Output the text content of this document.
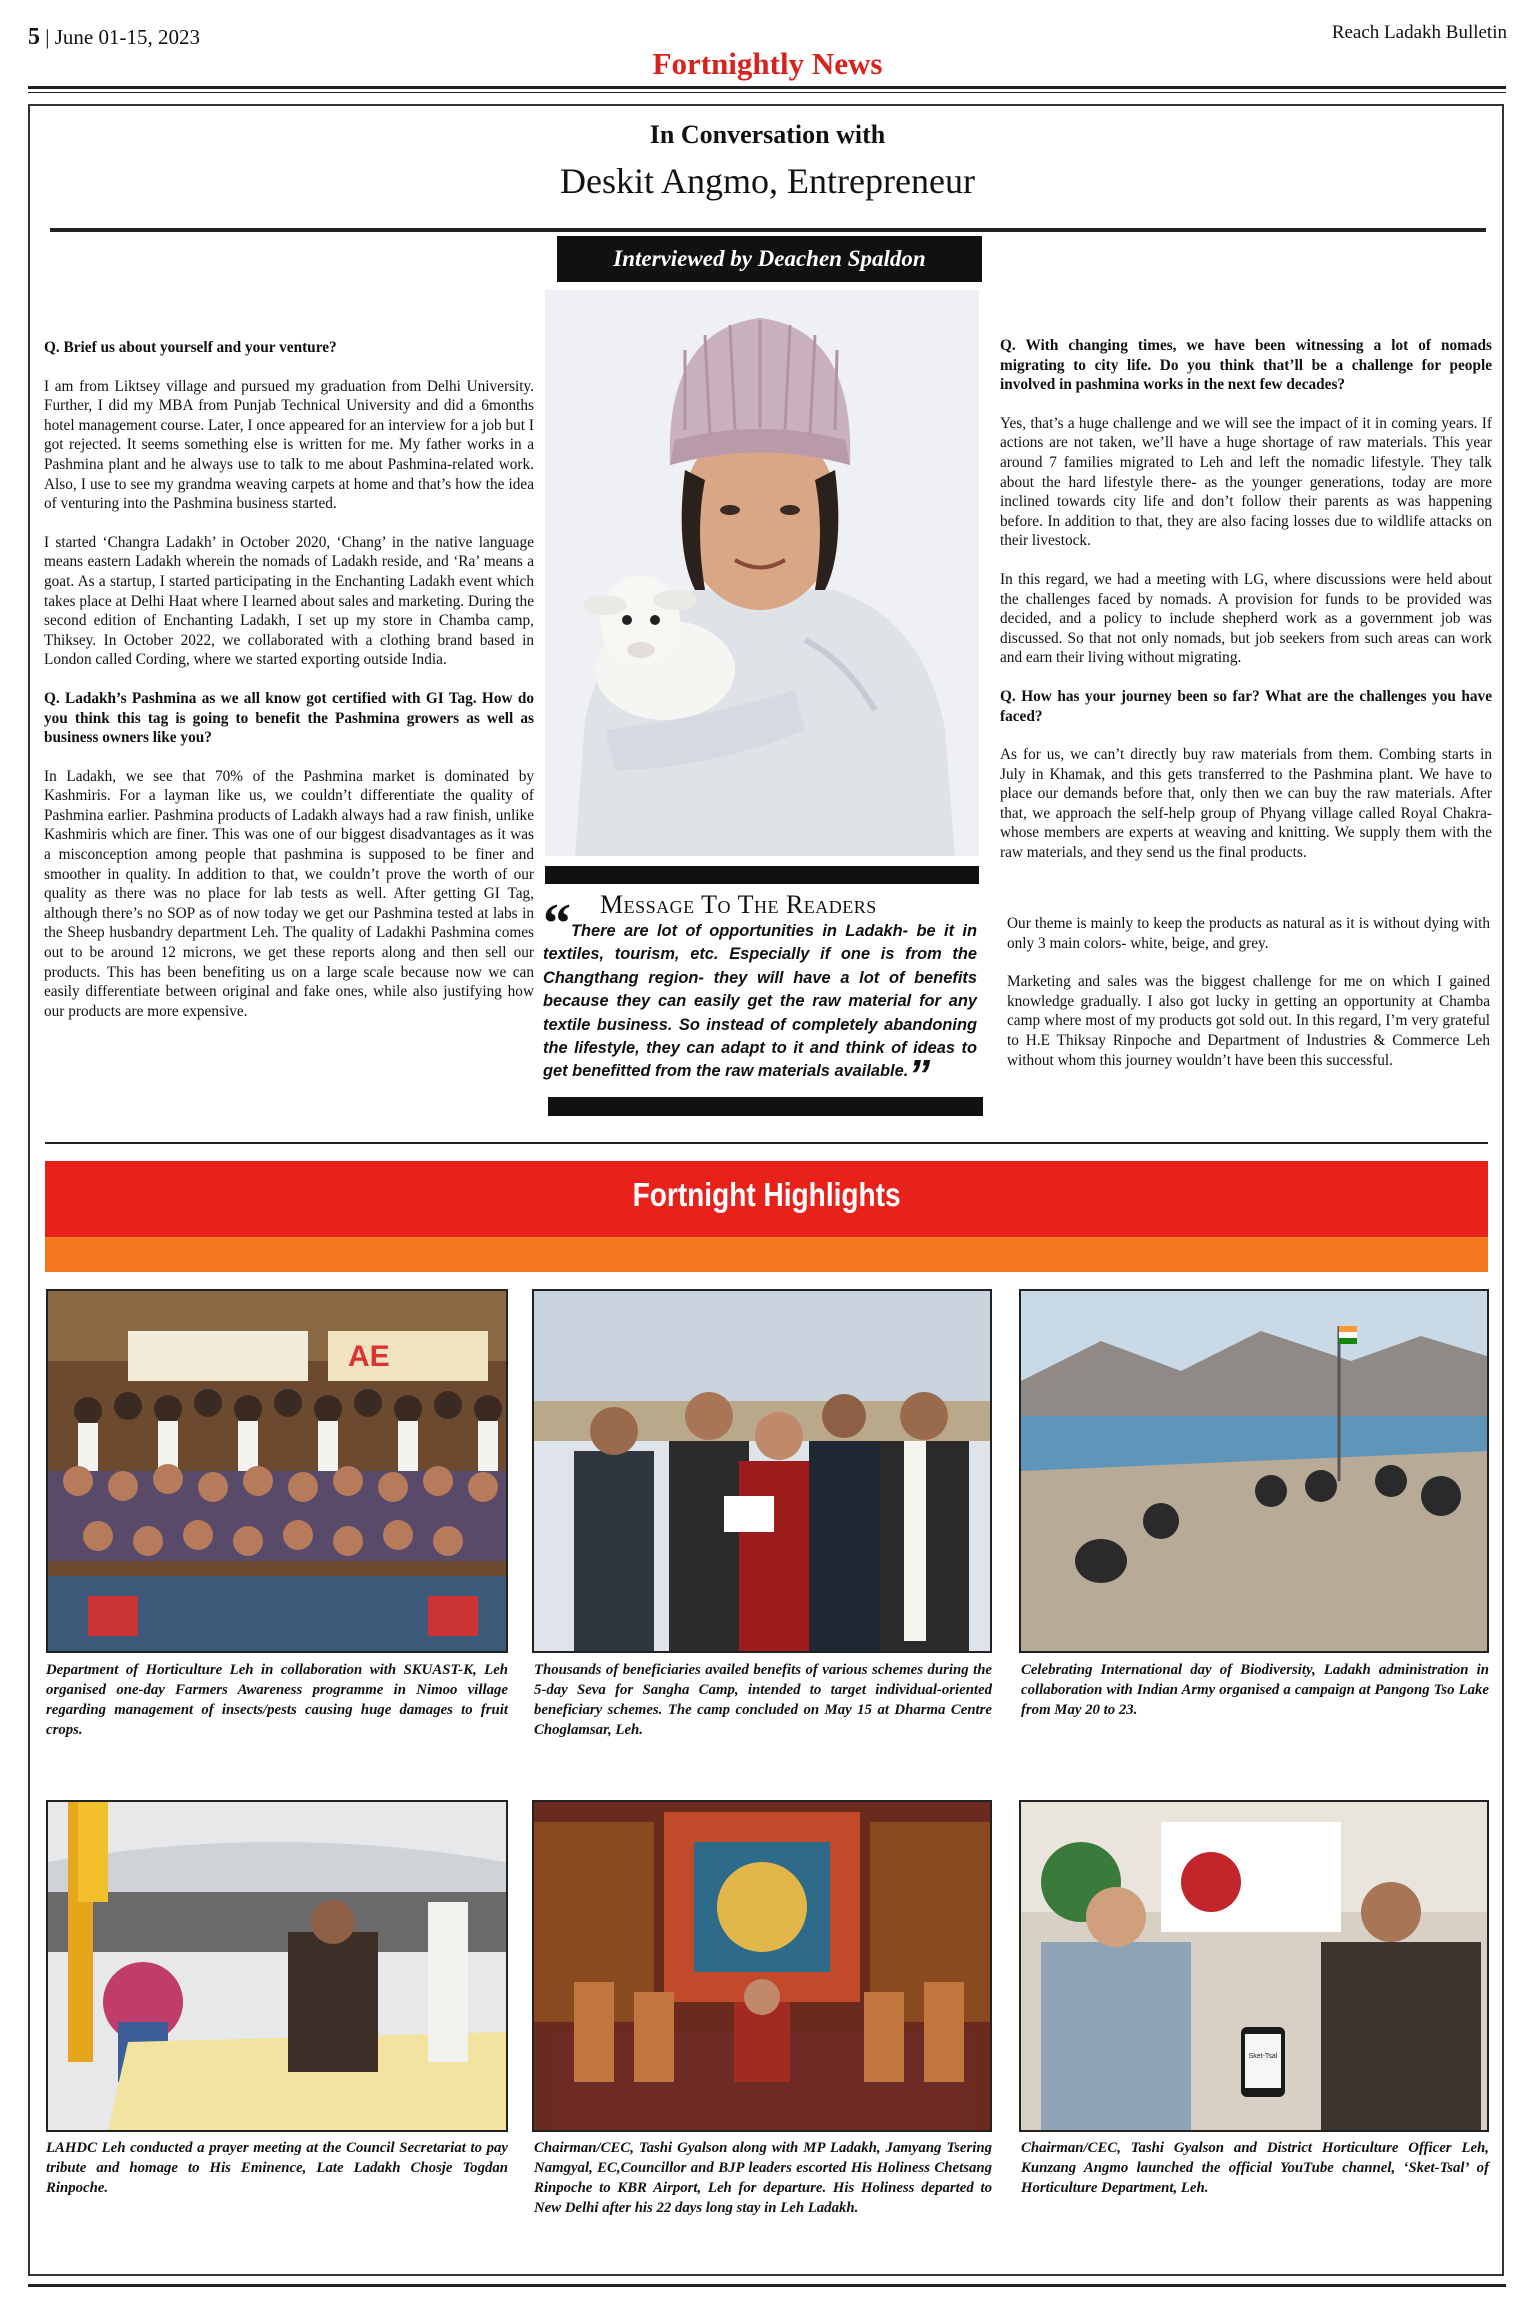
5 | June 01-15, 2023	Reach Ladakh Bulletin
Fortnightly News
In Conversation with
Deskit Angmo, Entrepreneur
Interviewed by Deachen Spaldon

Q. Brief us about yourself and your venture?

I am from Liktsey village and pursued my graduation from Delhi University. Further, I did my MBA from Punjab Technical University and did a 6months hotel management course. Later, I once appeared for an interview for a job but I got rejected. It seems something else is written for me. My father works in a Pashmina plant and he always use to talk to me about Pashmina-related work. Also, I use to see my grandma weaving carpets at home and that’s how the idea of venturing into the Pashmina business started.

I started ‘Changra Ladakh’ in October 2020, ‘Chang’ in the native language means eastern Ladakh wherein the nomads of Ladakh reside, and ‘Ra’ means a goat. As a startup, I started participating in the Enchanting Ladakh event which takes place at Delhi Haat where I learned about sales and marketing. During the second edition of Enchanting Ladakh, I set up my store in Chamba camp, Thiksey. In October 2022, we collaborated with a clothing brand based in London called Cording, where we started exporting outside India.

Q. Ladakh’s Pashmina as we all know got certified with GI Tag. How do you think this tag is going to benefit the Pashmina growers as well as business owners like you?

In Ladakh, we see that 70% of the Pashmina market is dominated by Kashmiris. For a layman like us, we couldn’t differentiate the quality of Pashmina earlier. Pashmina products of Ladakh always had a raw finish, unlike Kashmiris which are finer. This was one of our biggest disadvantages as it was a misconception among people that pashmina is supposed to be finer and smoother in quality. In addition to that, we couldn’t prove the worth of our quality as there was no place for lab tests as well. After getting GI Tag, although there’s no SOP as of now today we get our Pashmina tested at labs in the Sheep husbandry department Leh. The quality of Ladakhi Pashmina comes out to be around 12 microns, we get these reports along and then sell our products. This has been benefiting us on a large scale because now we can easily differentiate between original and fake ones, while also justifying how our products are more expensive.

Q. With changing times, we have been witnessing a lot of nomads migrating to city life. Do you think that’ll be a challenge for people involved in pashmina works in the next few decades?

Yes, that’s a huge challenge and we will see the impact of it in coming years. If actions are not taken, we’ll have a huge shortage of raw materials. This year around 7 families migrated to Leh and left the nomadic lifestyle. They talk about the hard lifestyle there- as the younger generations, today are more inclined towards city life and don’t follow their parents as was happening before. In addition to that, they are also facing losses due to wildlife attacks on their livestock.

In this regard, we had a meeting with LG, where discussions were held about the challenges faced by nomads. A provision for funds to be provided was decided, and a policy to include shepherd work as a government job was discussed. So that not only nomads, but job seekers from such areas can work and earn their living without migrating.

Q. How has your journey been so far? What are the challenges you have faced?

As for us, we can’t directly buy raw materials from them. Combing starts in July in Khamak, and this gets transferred to the Pashmina plant. We have to place our demands before that, only then we can buy the raw materials. After that, we approach the self-help group of Phyang village called Royal Chakra- whose members are experts at weaving and knitting. We supply them with the raw materials, and they send us the final products.

Our theme is mainly to keep the products as natural as it is without dying with only 3 main colors- white, beige, and grey.

Marketing and sales was the biggest challenge for me on which I gained knowledge gradually. I also got lucky in getting an opportunity at Chamba camp where most of my products got sold out. In this regard, I’m very grateful to H.E Thiksay Rinpoche and Department of Industries & Commerce Leh without whom this journey wouldn’t have been this successful.

“ Message To The Readers
There are lot of opportunities in Ladakh- be it in textiles, tourism, etc. Especially if one is from the Changthang region- they will have a lot of benefits because they can easily get the raw material for any textile business. So instead of completely abandoning the lifestyle, they can adapt to it and think of ideas to get benefitted from the raw materials available.”
Fortnight Highlights
AE
Department of Horticulture Leh in collaboration with SKUAST-K, Leh organised one-day Farmers Awareness programme in Nimoo village regarding management of insects/pests causing huge damages to fruit crops.
Thousands of beneficiaries availed benefits of various schemes during the 5-day Seva for Sangha Camp, intended to target individual-oriented beneficiary schemes. The camp concluded on May 15 at Dharma Centre Choglamsar, Leh.
Celebrating International day of Biodiversity, Ladakh administration in collaboration with Indian Army organised a campaign at Pangong Tso Lake from May 20 to 23.
LAHDC Leh conducted a prayer meeting at the Council Secretariat to pay tribute and homage to His Eminence, Late Ladakh Chosje Togdan Rinpoche.
Chairman/CEC, Tashi Gyalson along with MP Ladakh, Jamyang Tsering Namgyal, EC,Councillor and BJP leaders escorted His Holiness Chetsang Rinpoche to KBR Airport, Leh for departure. His Holiness departed to New Delhi after his 22 days long stay in Leh Ladakh.
Sket-Tsal
Chairman/CEC, Tashi Gyalson and District Horticulture Officer Leh, Kunzang Angmo launched the official YouTube channel, ‘Sket-Tsal’ of Horticulture Department, Leh.
